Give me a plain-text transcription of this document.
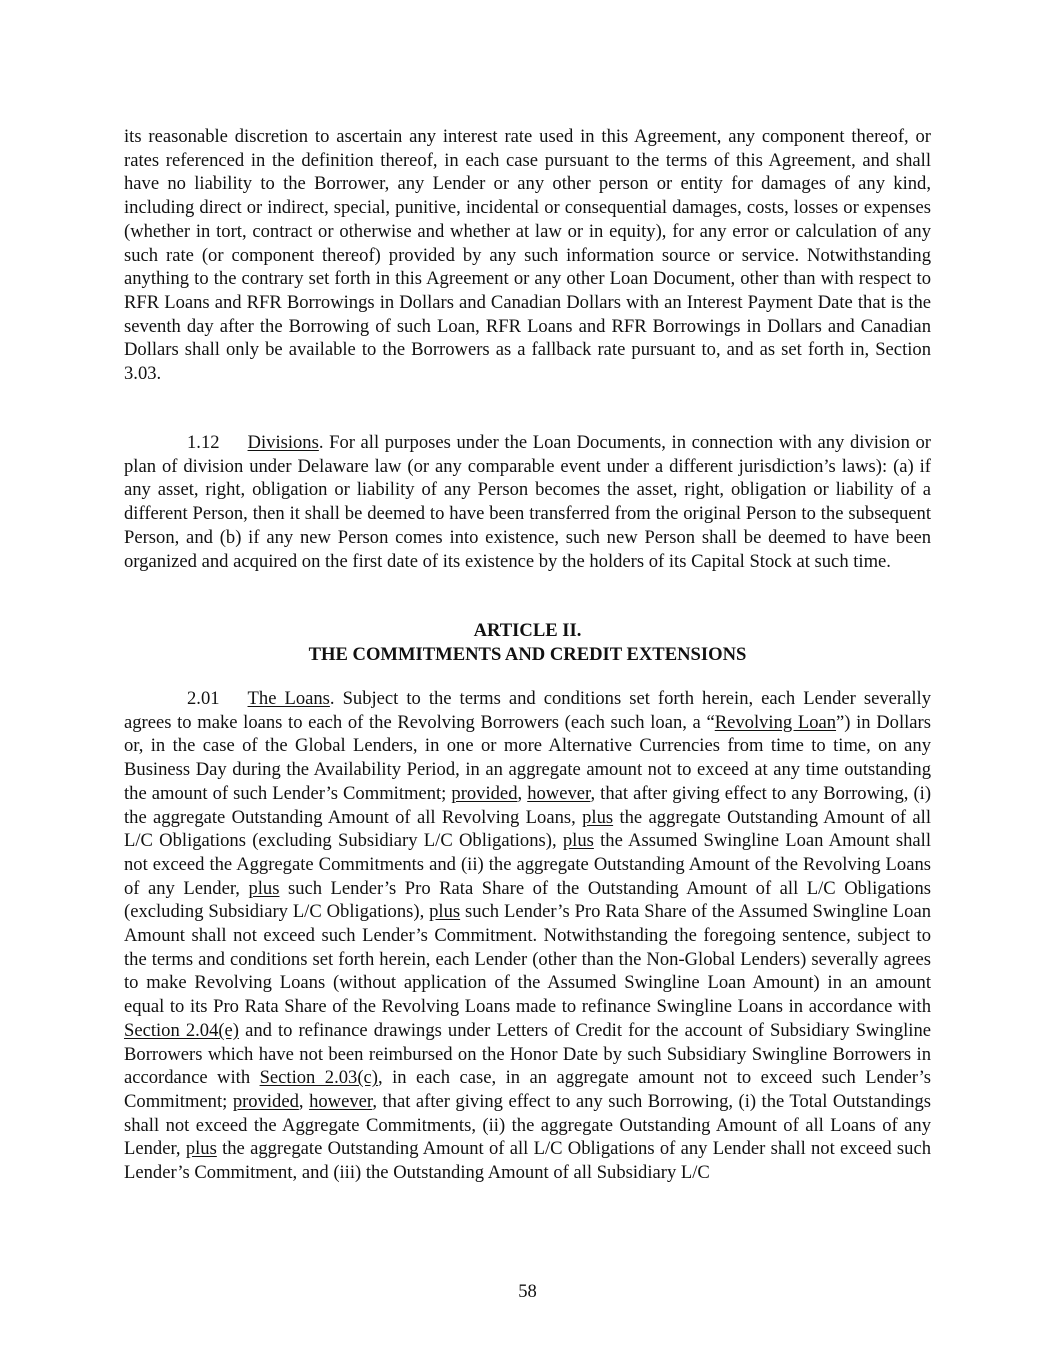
its reasonable discretion to ascertain any interest rate used in this Agreement, any component thereof, or rates referenced in the definition thereof, in each case pursuant to the terms of this Agreement, and shall have no liability to the Borrower, any Lender or any other person or entity for damages of any kind, including direct or indirect, special, punitive, incidental or consequential damages, costs, losses or expenses (whether in tort, contract or otherwise and whether at law or in equity), for any error or calculation of any such rate (or component thereof) provided by any such information source or service. Notwithstanding anything to the contrary set forth in this Agreement or any other Loan Document, other than with respect to RFR Loans and RFR Borrowings in Dollars and Canadian Dollars with an Interest Payment Date that is the seventh day after the Borrowing of such Loan, RFR Loans and RFR Borrowings in Dollars and Canadian Dollars shall only be available to the Borrowers as a fallback rate pursuant to, and as set forth in, Section 3.03.

1.12 Divisions. For all purposes under the Loan Documents, in connection with any division or plan of division under Delaware law (or any comparable event under a different jurisdiction’s laws): (a) if any asset, right, obligation or liability of any Person becomes the asset, right, obligation or liability of a different Person, then it shall be deemed to have been transferred from the original Person to the subsequent Person, and (b) if any new Person comes into existence, such new Person shall be deemed to have been organized and acquired on the first date of its existence by the holders of its Capital Stock at such time.

ARTICLE II.

THE COMMITMENTS AND CREDIT EXTENSIONS

2.01 The Loans. Subject to the terms and conditions set forth herein, each Lender severally agrees to make loans to each of the Revolving Borrowers (each such loan, a “Revolving Loan”) in Dollars or, in the case of the Global Lenders, in one or more Alternative Currencies from time to time, on any Business Day during the Availability Period, in an aggregate amount not to exceed at any time outstanding the amount of such Lender’s Commitment; provided, however, that after giving effect to any Borrowing, (i) the aggregate Outstanding Amount of all Revolving Loans, plus the aggregate Outstanding Amount of all L/C Obligations (excluding Subsidiary L/C Obligations), plus the Assumed Swingline Loan Amount shall not exceed the Aggregate Commitments and (ii) the aggregate Outstanding Amount of the Revolving Loans of any Lender, plus such Lender’s Pro Rata Share of the Outstanding Amount of all L/C Obligations (excluding Subsidiary L/C Obligations), plus such Lender’s Pro Rata Share of the Assumed Swingline Loan Amount shall not exceed such Lender’s Commitment. Notwithstanding the foregoing sentence, subject to the terms and conditions set forth herein, each Lender (other than the Non-Global Lenders) severally agrees to make Revolving Loans (without application of the Assumed Swingline Loan Amount) in an amount equal to its Pro Rata Share of the Revolving Loans made to refinance Swingline Loans in accordance with Section 2.04(e) and to refinance drawings under Letters of Credit for the account of Subsidiary Swingline Borrowers which have not been reimbursed on the Honor Date by such Subsidiary Swingline Borrowers in accordance with Section 2.03(c), in each case, in an aggregate amount not to exceed such Lender’s Commitment; provided, however, that after giving effect to any such Borrowing, (i) the Total Outstandings shall not exceed the Aggregate Commitments, (ii) the aggregate Outstanding Amount of all Loans of any Lender, plus the aggregate Outstanding Amount of all L/C Obligations of any Lender shall not exceed such Lender’s Commitment, and (iii) the Outstanding Amount of all Subsidiary L/C

58
